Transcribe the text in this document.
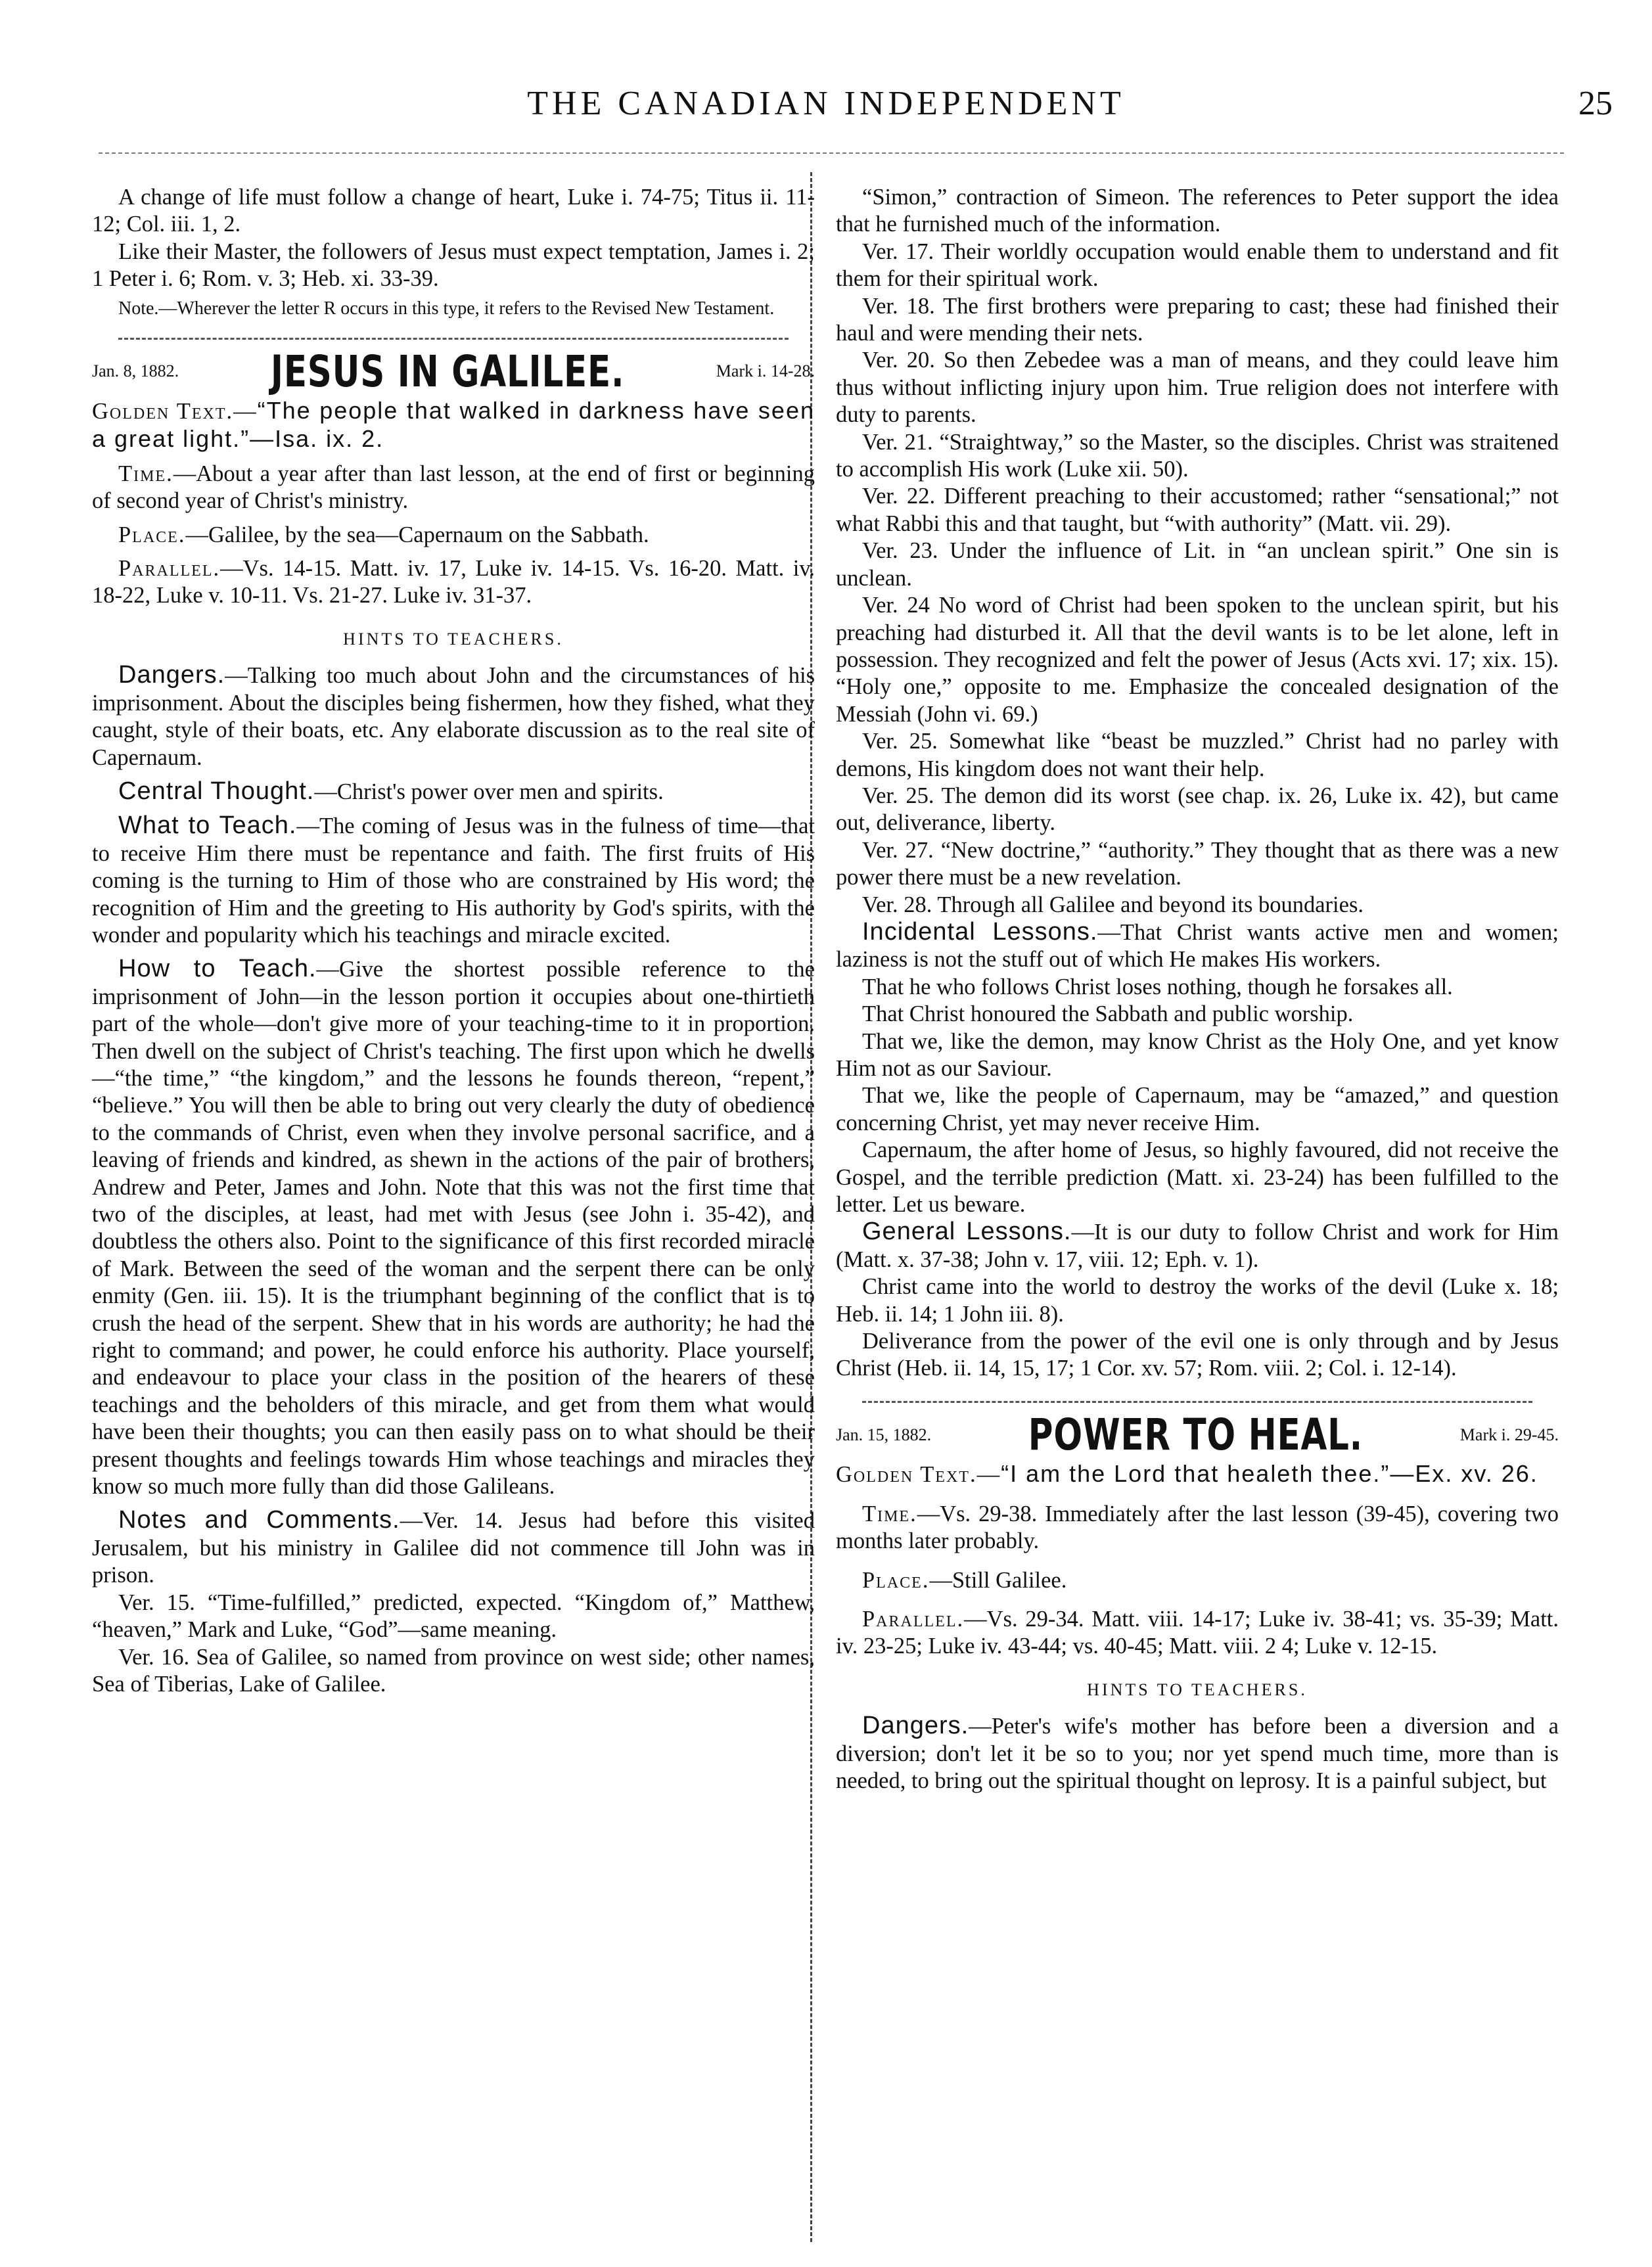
THE CANADIAN INDEPENDENT	25

A change of life must follow a change of heart, Luke i. 74-75; Titus ii. 11-12; Col. iii. 1, 2.

Like their Master, the followers of Jesus must expect temptation, James i. 2; 1 Peter i. 6; Rom. v. 3; Heb. xi. 33-39.

Note.—Wherever the letter R occurs in this type, it refers to the Revised New Testament.

Jan. 8, 1882. JESUS IN GALILEE.	Mark i. 14-28.

Golden Text.—“The people that walked in darkness have seen a great light.”—Isa. ix. 2.

Time.—About a year after than last lesson, at the end of first or beginning of second year of Christ's ministry.

Place.—Galilee, by the sea—Capernaum on the Sabbath.

Parallel.—Vs. 14-15. Matt. iv. 17, Luke iv. 14-15. Vs. 16-20. Matt. iv. 18-22, Luke v. 10-11. Vs. 21-27. Luke iv. 31-37.

HINTS TO TEACHERS.

Dangers.—Talking too much about John and the circumstances of his imprisonment. About the disciples being fishermen, how they fished, what they caught, style of their boats, etc. Any elaborate discussion as to the real site of Capernaum.

Central Thought.—Christ's power over men and spirits.

What to Teach.—The coming of Jesus was in the fulness of time—that to receive Him there must be repentance and faith. The first fruits of His coming is the turning to Him of those who are constrained by His word; the recognition of Him and the greeting to His authority by God's spirits, with the wonder and popularity which his teachings and miracle excited.

How to Teach.—Give the shortest possible reference to the imprisonment of John—in the lesson portion it occupies about one-thirtieth part of the whole—don't give more of your teaching-time to it in proportion. Then dwell on the subject of Christ's teaching. The first upon which he dwells—“the time,” “the kingdom,” and the lessons he founds thereon, “repent,” “believe.” You will then be able to bring out very clearly the duty of obedience to the commands of Christ, even when they involve personal sacrifice, and a leaving of friends and kindred, as shewn in the actions of the pair of brothers, Andrew and Peter, James and John. Note that this was not the first time that two of the disciples, at least, had met with Jesus (see John i. 35-42), and doubtless the others also. Point to the significance of this first recorded miracle of Mark. Between the seed of the woman and the serpent there can be only enmity (Gen. iii. 15). It is the triumphant beginning of the conflict that is to crush the head of the serpent. Shew that in his words are authority; he had the right to command; and power, he could enforce his authority. Place yourself, and endeavour to place your class in the position of the hearers of these teachings and the beholders of this miracle, and get from them what would have been their thoughts; you can then easily pass on to what should be their present thoughts and feelings towards Him whose teachings and miracles they know so much more fully than did those Galileans.

Notes and Comments.—Ver. 14. Jesus had before this visited Jerusalem, but his ministry in Galilee did not commence till John was in prison.

Ver. 15. “Time-fulfilled,” predicted, expected. “Kingdom of,” Matthew, “heaven,” Mark and Luke, “God”—same meaning.

Ver. 16. Sea of Galilee, so named from province on west side; other names, Sea of Tiberias, Lake of Galilee.

“Simon,” contraction of Simeon. The references to Peter support the idea that he furnished much of the information.

Ver. 17. Their worldly occupation would enable them to understand and fit them for their spiritual work.

Ver. 18. The first brothers were preparing to cast; these had finished their haul and were mending their nets.

Ver. 20. So then Zebedee was a man of means, and they could leave him thus without inflicting injury upon him. True religion does not interfere with duty to parents.

Ver. 21. “Straightway,” so the Master, so the disciples. Christ was straitened to accomplish His work (Luke xii. 50).

Ver. 22. Different preaching to their accustomed; rather “sensational;” not what Rabbi this and that taught, but “with authority” (Matt. vii. 29).

Ver. 23. Under the influence of Lit. in “an unclean spirit.” One sin is unclean.

Ver. 24 No word of Christ had been spoken to the unclean spirit, but his preaching had disturbed it. All that the devil wants is to be let alone, left in possession. They recognized and felt the power of Jesus (Acts xvi. 17; xix. 15). “Holy one,” opposite to me. Emphasize the concealed designation of the Messiah (John vi. 69.)

Ver. 25. Somewhat like “beast be muzzled.” Christ had no parley with demons, His kingdom does not want their help.

Ver. 25. The demon did its worst (see chap. ix. 26, Luke ix. 42), but came out, deliverance, liberty.

Ver. 27. “New doctrine,” “authority.” They thought that as there was a new power there must be a new revelation.

Ver. 28. Through all Galilee and beyond its boundaries.

Incidental Lessons.—That Christ wants active men and women; laziness is not the stuff out of which He makes His workers.

That he who follows Christ loses nothing, though he forsakes all.

That Christ honoured the Sabbath and public worship.

That we, like the demon, may know Christ as the Holy One, and yet know Him not as our Saviour.

That we, like the people of Capernaum, may be “amazed,” and question concerning Christ, yet may never receive Him.

Capernaum, the after home of Jesus, so highly favoured, did not receive the Gospel, and the terrible prediction (Matt. xi. 23-24) has been fulfilled to the letter. Let us beware.

General Lessons.—It is our duty to follow Christ and work for Him (Matt. x. 37-38; John v. 17, viii. 12; Eph. v. 1).

Christ came into the world to destroy the works of the devil (Luke x. 18; Heb. ii. 14; 1 John iii. 8).

Deliverance from the power of the evil one is only through and by Jesus Christ (Heb. ii. 14, 15, 17; 1 Cor. xv. 57; Rom. viii. 2; Col. i. 12-14).

Jan. 15, 1882. POWER TO HEAL.	Mark i. 29-45.

Golden Text.—“I am the Lord that healeth thee.”—Ex. xv. 26.

Time.—Vs. 29-38. Immediately after the last lesson (39-45), covering two months later probably.

Place.—Still Galilee.

Parallel.—Vs. 29-34. Matt. viii. 14-17; Luke iv. 38-41; vs. 35-39; Matt. iv. 23-25; Luke iv. 43-44; vs. 40-45; Matt. viii. 2 4; Luke v. 12-15.

HINTS TO TEACHERS.

Dangers.—Peter's wife's mother has before been a diversion and a diversion; don't let it be so to you; nor yet spend much time, more than is needed, to bring out the spiritual thought on leprosy. It is a painful subject, but
